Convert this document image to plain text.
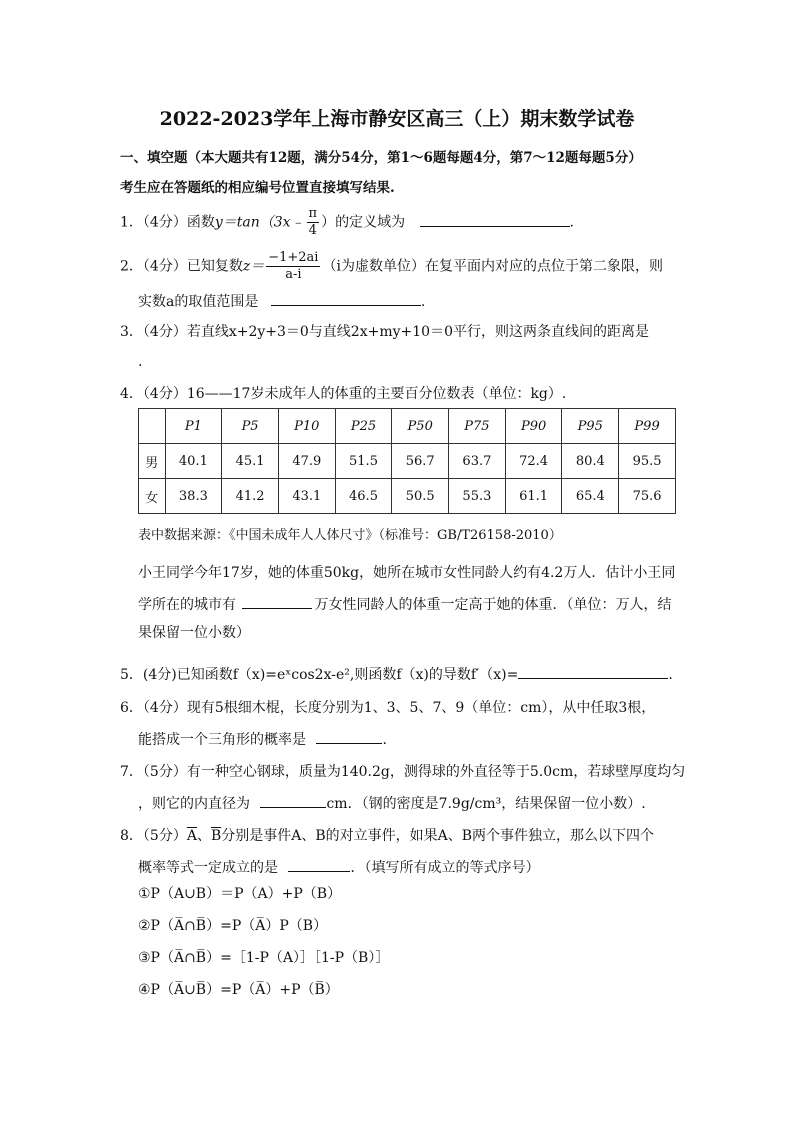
2022-2023学年上海市静安区高三（上）期末数学试卷
一、填空题（本大题共有12题，满分54分，第1～6题每题4分，第7～12题每题5分）
考生应在答题纸的相应编号位置直接填写结果.
1．（4分）函数y＝tan（3x﹣ $\frac{\pi}{4}$ ）的定义域为	.
2．（4分）已知复数$z= \frac{-1+2ai}{a-i} (i$为虚数单位）在复平面内对应的点位于第二象限，则
实数a的取值范围是	.
3．（4分）若直线x+2y+3＝0与直线2x+my+10＝0平行，则这两条直线间的距离是
.
4．（4分）16——17岁未成年人的体重的主要百分位数表（单位：kg）.
	P1	P5	P10	P25	P50	P75	P90	P95	P99
男	40.1	45.1	47.9	51.5	56.7	63.7	72.4	80.4	95.5
女	38.3	41.2	43.1	46.5	50.5	55.3	61.1	65.4	75.6
表中数据来源：《中国未成年人人体尺寸》（标准号：GB/T26158-2010）
小王同学今年17岁，她的体重50kg，她所在城市女性同龄人约有4.2万人．估计小王同
学所在的城市有	万女性同龄人的体重一定高于她的体重．（单位：万人，结
果保留一位小数）
5．(4分)已知函数f（x)=eˣcos2x-e²,则函数f（x)的导数f′（x)=	.
6．（4分）现有5根细木棍，长度分别为1、3、5、7、9（单位：cm），从中任取3根，
能搭成一个三角形的概率是	.
7．（5分）有一种空心钢球，质量为140.2g，测得球的外直径等于5.0cm，若球壁厚度均匀
，则它的内直径为	cm．（钢的密度是7.9g/cm³，结果保留一位小数）.
8．（5分）$\overline{A}$、$\overline{B}$分别是事件A、B的对立事件，如果A、B两个事件独立，那么以下四个
概率等式一定成立的是	．（填写所有成立的等式序号）
①P（A∪B）＝P（A）+P（B）
②P（A̅∩B̅）=P（A̅）P（B）
③P（A̅∩B̅）=［1-P（A）］［1-P（B）］
④P（A̅∪B̅）=P（A̅）+P（B̅）
